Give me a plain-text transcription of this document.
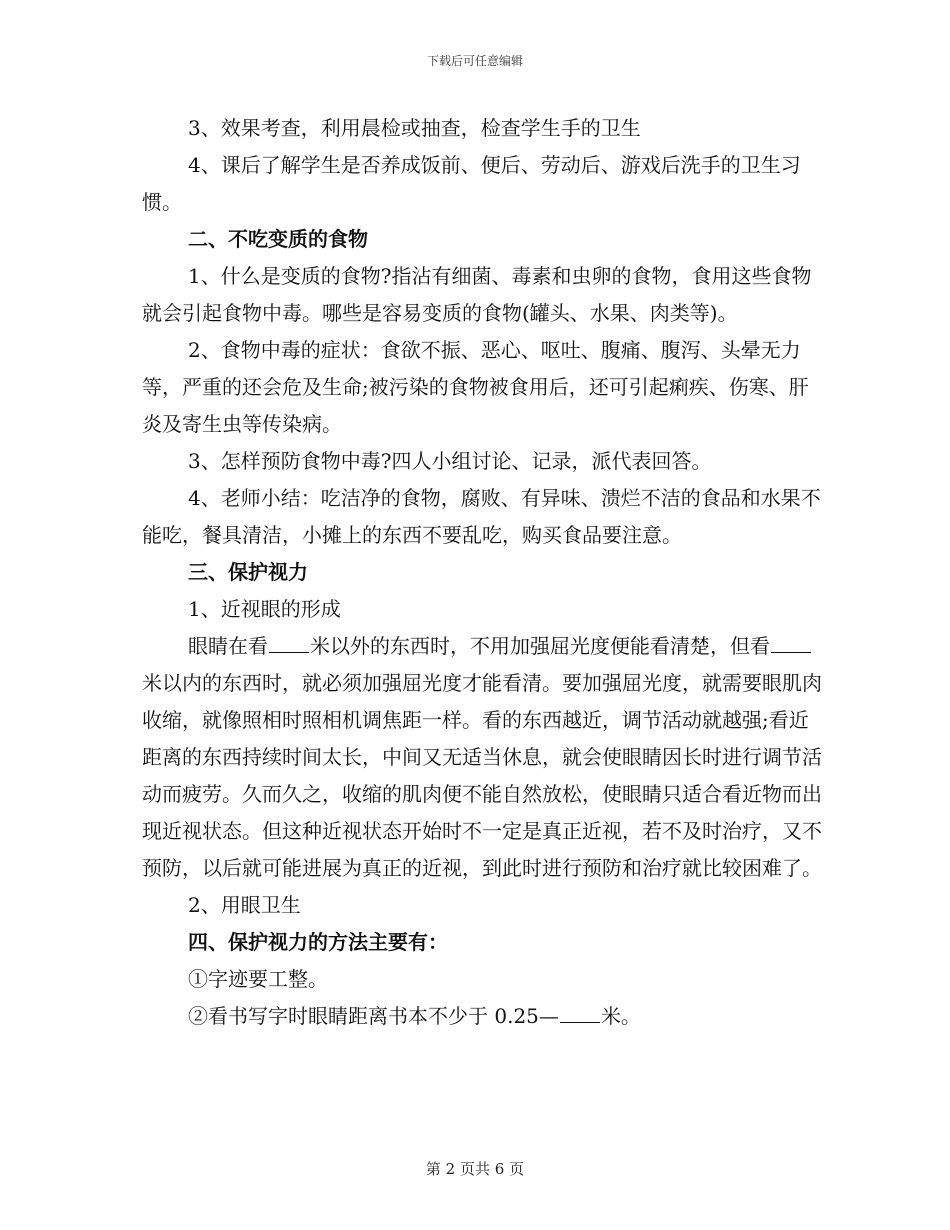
下载后可任意编辑

3、效果考查，利用晨检或抽查，检查学生手的卫生

4、课后了解学生是否养成饭前、便后、劳动后、游戏后洗手的卫生习惯。

二、不吃变质的食物

1、什么是变质的食物?指沾有细菌、毒素和虫卵的食物，食用这些食物就会引起食物中毒。哪些是容易变质的食物(罐头、水果、肉类等)。

2、食物中毒的症状：食欲不振、恶心、呕吐、腹痛、腹泻、头晕无力等，严重的还会危及生命;被污染的食物被食用后，还可引起痢疾、伤寒、肝炎及寄生虫等传染病。

3、怎样预防食物中毒?四人小组讨论、记录，派代表回答。

4、老师小结：吃洁净的食物，腐败、有异味、溃烂不洁的食品和水果不能吃，餐具清洁，小摊上的东西不要乱吃，购买食品要注意。

三、保护视力

1、近视眼的形成

眼睛在看 米以外的东西时，不用加强屈光度便能看清楚，但看米以内的东西时，就必须加强屈光度才能看清。要加强屈光度，就需要眼肌肉收缩，就像照相时照相机调焦距一样。看的东西越近，调节活动就越强;看近距离的东西持续时间太长，中间又无适当休息，就会使眼睛因长时进行调节活动而疲劳。久而久之，收缩的肌肉便不能自然放松，使眼睛只适合看近物而出现近视状态。但这种近视状态开始时不一定是真正近视，若不及时治疗，又不预防，以后就可能进展为真正的近视，到此时进行预防和治疗就比较困难了。

2、用眼卫生

四、保护视力的方法主要有：

①字迹要工整。

②看书写字时眼睛距离书本不少于 0.25— 米。

第 2 页共 6 页
